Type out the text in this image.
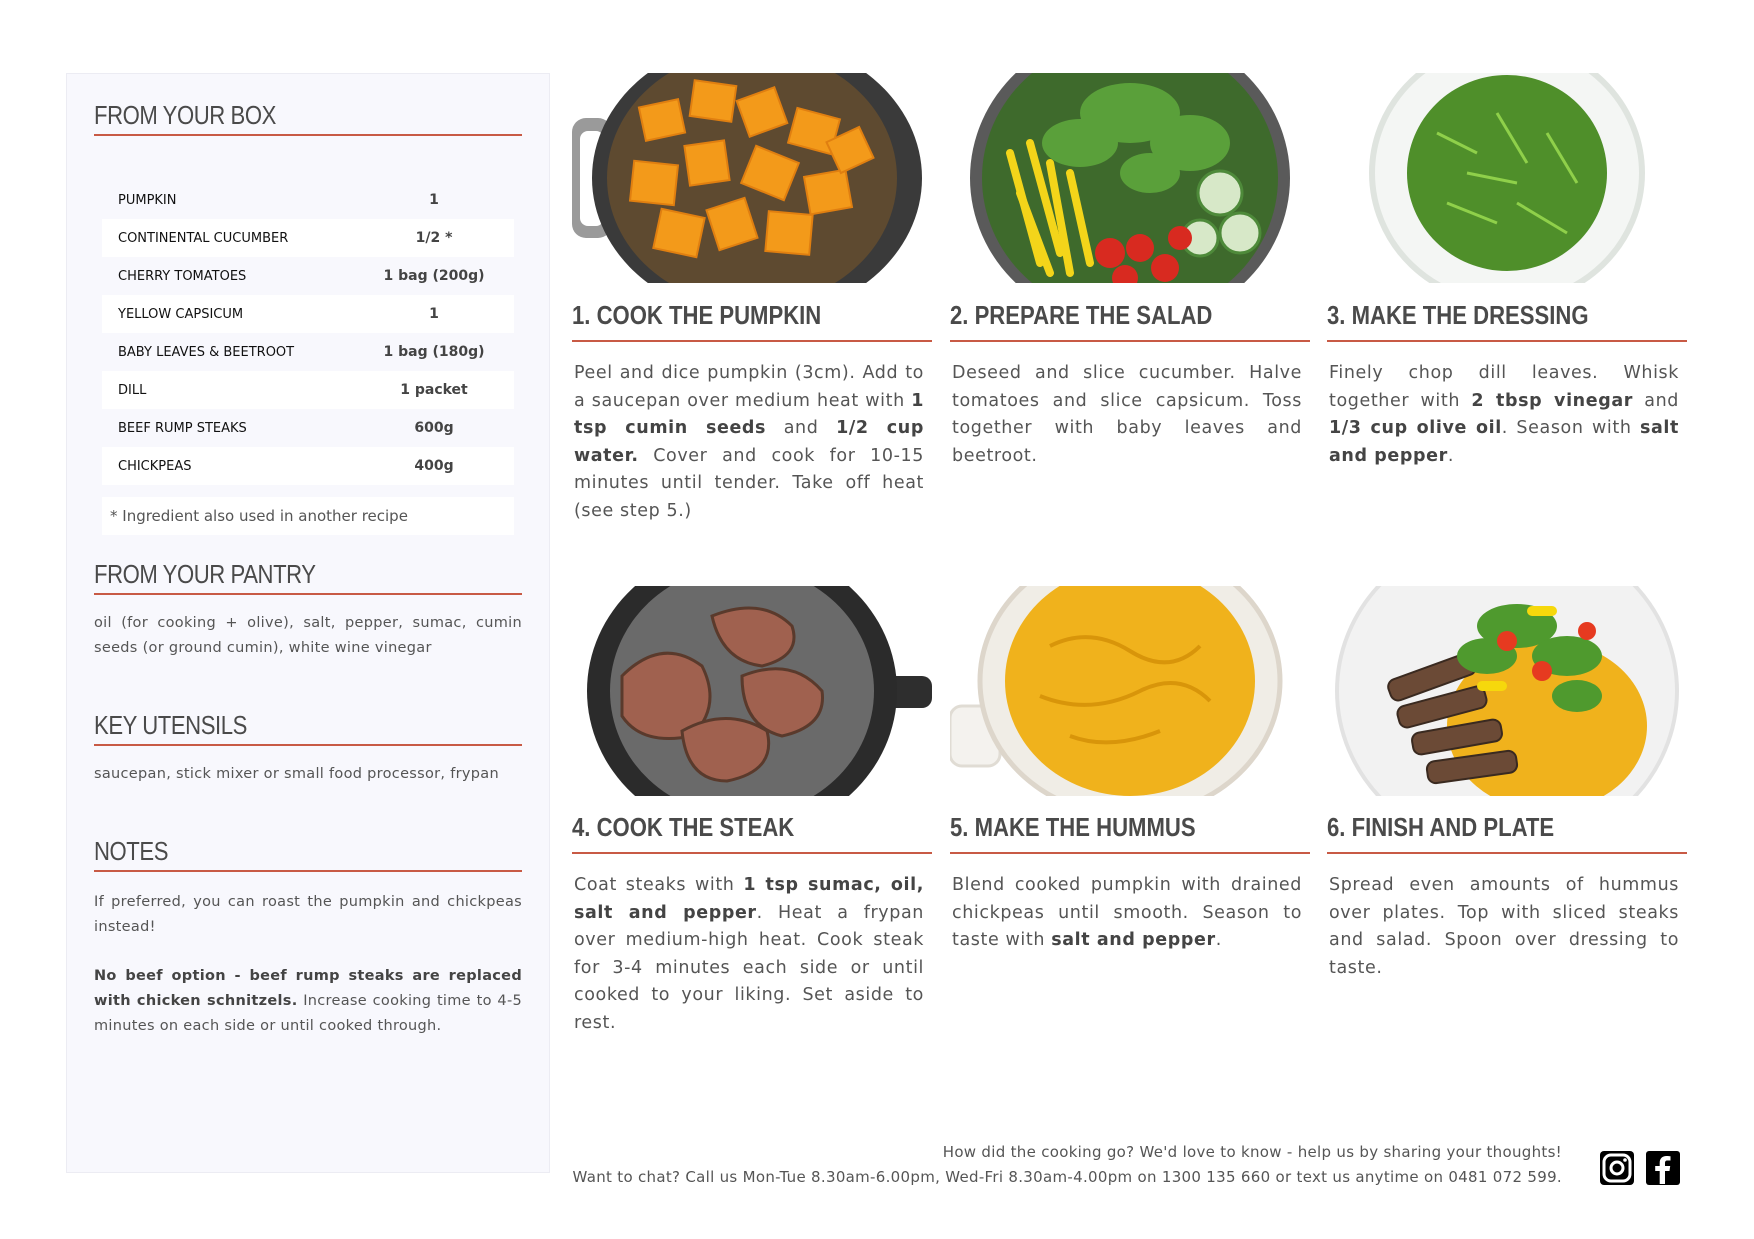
FROM YOUR BOX
PUMPKIN	1
CONTINENTAL CUCUMBER	1/2 *
CHERRY TOMATOES	1 bag (200g)
YELLOW CAPSICUM	1
BABY LEAVES & BEETROOT	1 bag (180g)
DILL	1 packet
BEEF RUMP STEAKS	600g
CHICKPEAS	400g
* Ingredient also used in another recipe
FROM YOUR PANTRY

oil (for cooking + olive), salt, pepper, sumac, cumin seeds (or ground cumin), white wine vinegar

KEY UTENSILS

saucepan, stick mixer or small food processor, frypan

NOTES

If preferred, you can roast the pumpkin and chickpeas instead!

No beef option - beef rump steaks are replaced with chicken schnitzels. Increase cooking time to 4-5 minutes on each side or until cooked through.

1. COOK THE PUMPKIN

Peel and dice pumpkin (3cm). Add to a saucepan over medium heat with 1 tsp cumin seeds and 1/2 cup water. Cover and cook for 10-15 minutes until tender. Take off heat (see step 5.)

2. PREPARE THE SALAD

Deseed and slice cucumber. Halve tomatoes and slice capsicum. Toss together with baby leaves and beetroot.

3. MAKE THE DRESSING

Finely chop dill leaves. Whisk together with 2 tbsp vinegar and 1/3 cup olive oil. Season with salt and pepper.

4. COOK THE STEAK

Coat steaks with 1 tsp sumac, oil, salt and pepper. Heat a frypan over medium-high heat. Cook steak for 3-4 minutes each side or until cooked to your liking. Set aside to rest.

5. MAKE THE HUMMUS

Blend cooked pumpkin with drained chickpeas until smooth. Season to taste with salt and pepper.

6. FINISH AND PLATE

Spread even amounts of hummus over plates. Top with sliced steaks and salad. Spoon over dressing to taste.

How did the cooking go? We'd love to know - help us by sharing your thoughts!
Want to chat? Call us Mon-Tue 8.30am-6.00pm, Wed-Fri 8.30am-4.00pm on 1300 135 660 or text us anytime on 0481 072 599.
